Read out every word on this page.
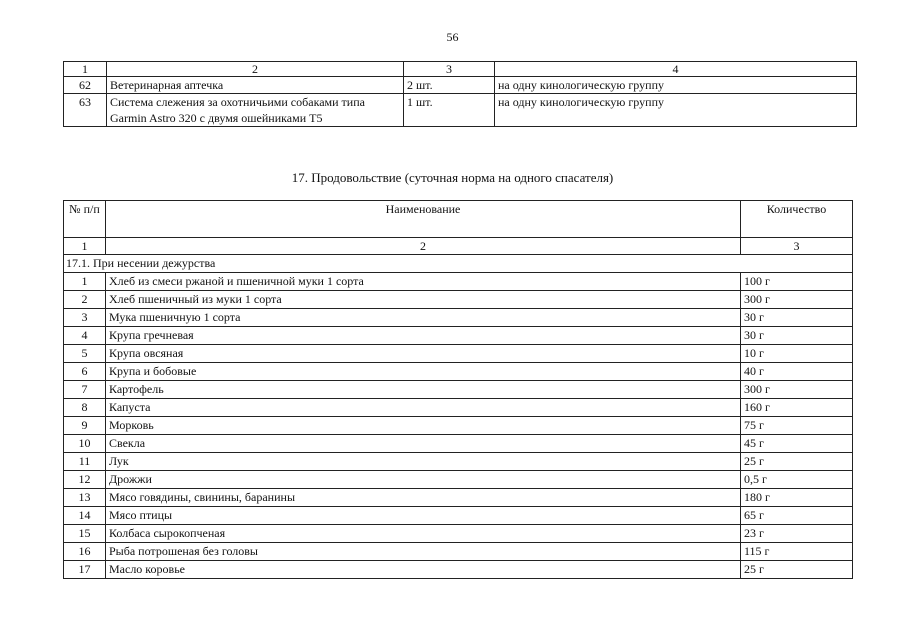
56
1	2	3	4
62	Ветеринарная аптечка	2 шт.	на одну кинологическую группу
63	Система слежения за охотничьими собаками типа Garmin Astro 320 с двумя ошейниками Т5	1 шт.	на одну кинологическую группу
17. Продовольствие (суточная норма на одного спасателя)
№ п/п	Наименование	Количество
1	2	3
17.1. При несении дежурства		
1	Хлеб из смеси ржаной и пшеничной муки 1 сорта	100 г
2	Хлеб пшеничный из муки 1 сорта	300 г
3	Мука пшеничную 1 сорта	30 г
4	Крупа гречневая	30 г
5	Крупа овсяная	10 г
6	Крупа и бобовые	40 г
7	Картофель	300 г
8	Капуста	160 г
9	Морковь	75 г
10	Свекла	45 г
11	Лук	25 г
12	Дрожжи	0,5 г
13	Мясо говядины, свинины, баранины	180 г
14	Мясо птицы	65 г
15	Колбаса сырокопченая	23 г
16	Рыба потрошеная без головы	115 г
17	Масло коровье	25 г
